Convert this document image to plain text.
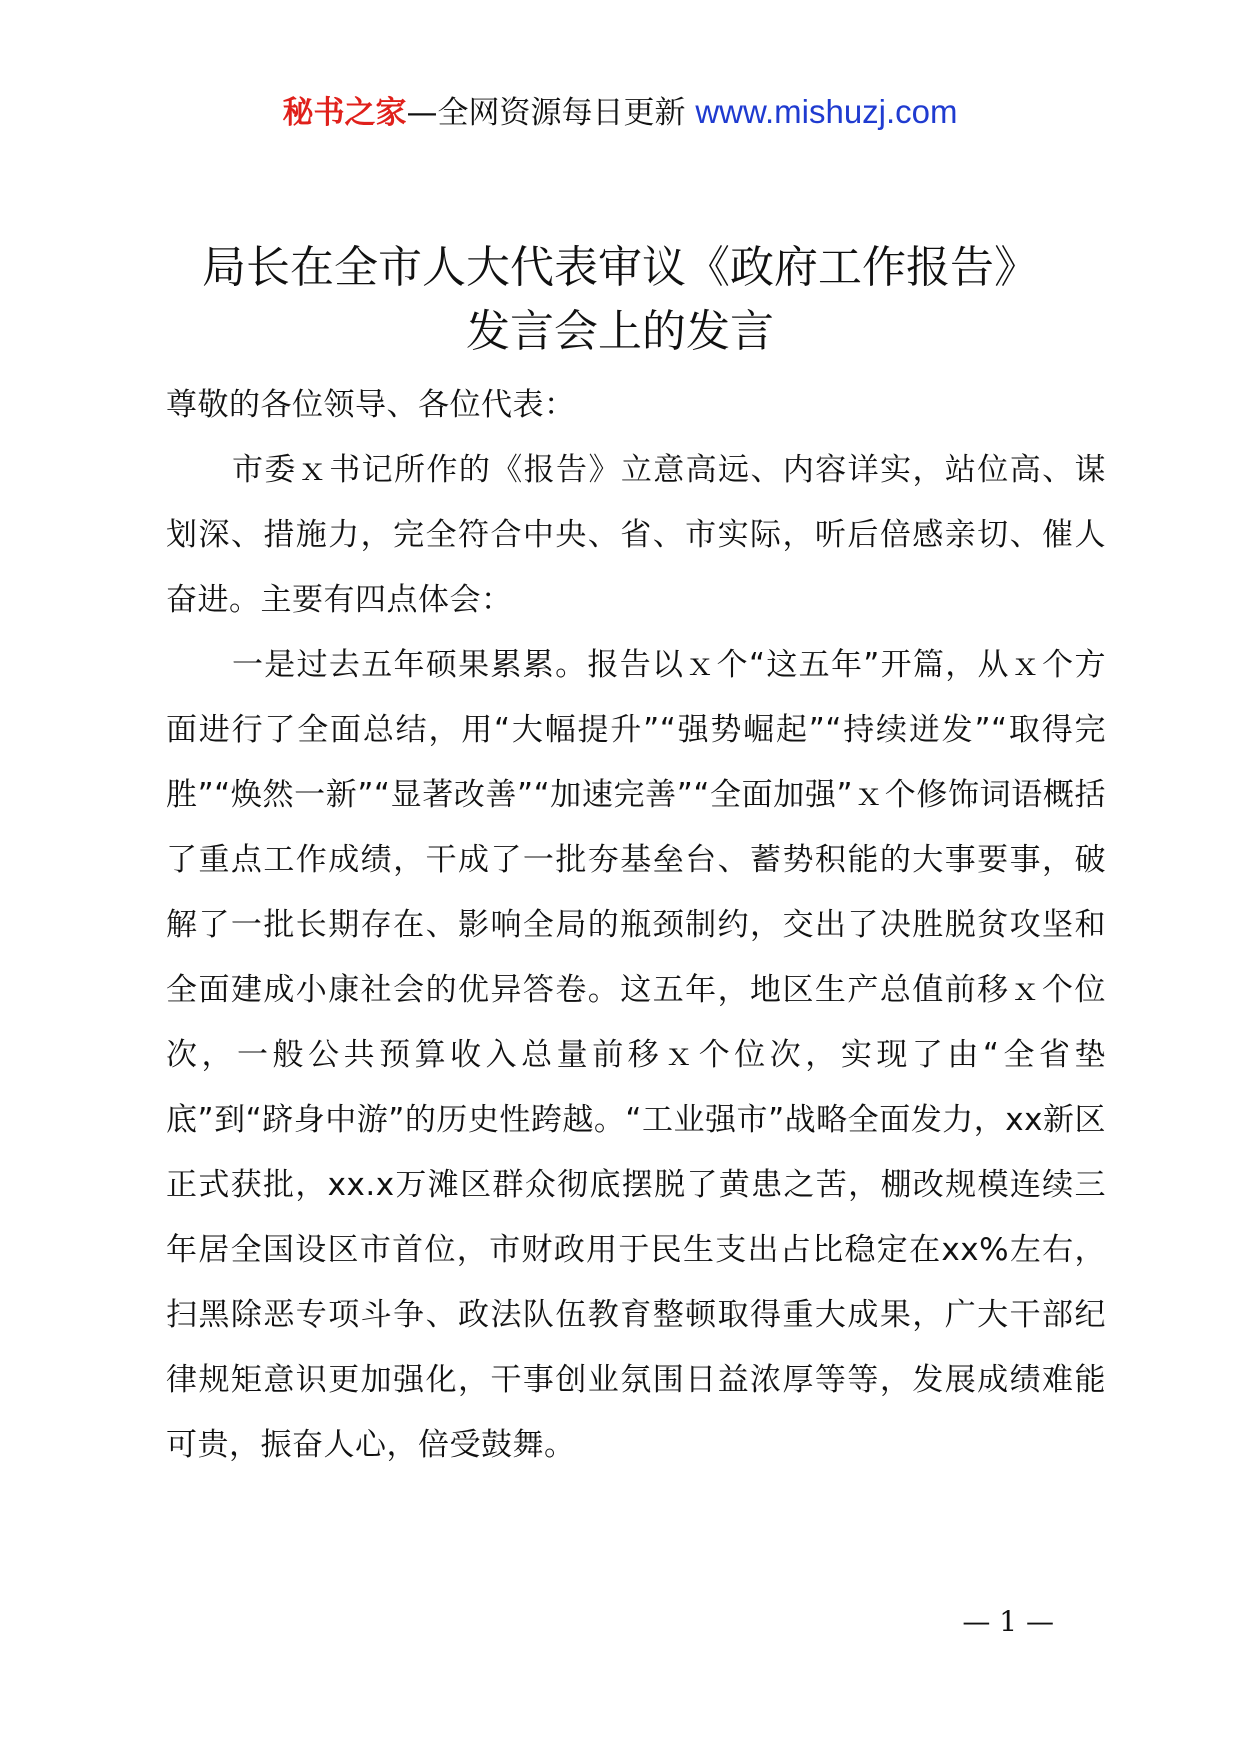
秘书之家—全网资源每日更新 www.mishuzj.com
局长在全市人大代表审议《政府工作报告》
发言会上的发言

尊敬的各位领导、各位代表：

市委ｘ书记所作的《报告》立意高远、内容详实，站位高、谋划深、措施力，完全符合中央、省、市实际，听后倍感亲切、催人奋进。主要有四点体会：

一是过去五年硕果累累。报告以ｘ个“这五年”开篇，从ｘ个方面进行了全面总结，用“大幅提升”“强势崛起”“持续迸发”“取得完胜”“焕然一新”“显著改善”“加速完善”“全面加强”ｘ个修饰词语概括了重点工作成绩，干成了一批夯基垒台、蓄势积能的大事要事，破解了一批长期存在、影响全局的瓶颈制约，交出了决胜脱贫攻坚和全面建成小康社会的优异答卷。这五年，地区生产总值前移ｘ个位次，一般公共预算收入总量前移ｘ个位次，实现了由“全省垫底”到“跻身中游”的历史性跨越。“工业强市”战略全面发力，xx新区正式获批，xx.x万滩区群众彻底摆脱了黄患之苦，棚改规模连续三年居全国设区市首位，市财政用于民生支出占比稳定在xx%左右，扫黑除恶专项斗争、政法队伍教育整顿取得重大成果，广大干部纪律规矩意识更加强化，干事创业氛围日益浓厚等等，发展成绩难能可贵，振奋人心，倍受鼓舞。

— 1 —
